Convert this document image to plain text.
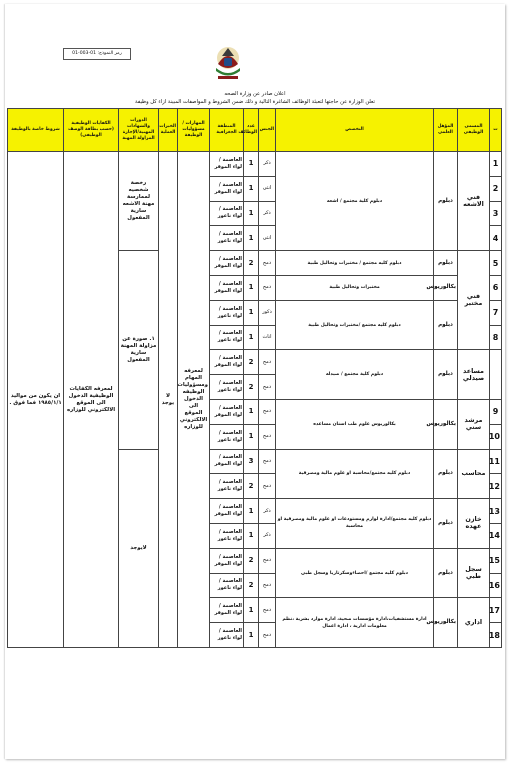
رمز النموذج: 01-003-01
اعلان صادر عن وزارة الصحه
تعلن الوزارة عن حاجتها لتعبئة الوظائف الشاغرة التالية و ذلك ضمن الشروط و المواصفات المبينة ازاء كل وظيفة
ت	المسمى الوظيفي	المؤهل العلمي	التخصص	الجنس	عدد الوظائف	المنطقة الجغرافية	المهارات / مسؤوليات الوظيفة	الخبرات العملية	الدورات والشهادات المهنية/الإجازة المزاولة المهنة	الكفايات الوظيفية (حسب بطاقة الوصف الوظيفي)	شروط خاصة بالوظيفة
1	فني الاشعه	دبلوم	دبلوم كلية مجتمع / اشعه	ذكر	1	العاصمة / لواء الموقر	لمعرفه المهام ومسؤوليات الوظيفه الدخول الى الموقع الالكتروني للوزاره	لا يوجد	رخصة شخصيه لممارسة مهنة الاشعه سارية المفعول	لمعرفه الكفايات الوظيفية الدخول الى الموقع الالكتروني للوزاره	ان يكون من مواليد ١٩٨٥/١/١ فما فوق .
2				انثى	1	العاصمة / لواء الموقر					
3				ذكر	1	العاصمة / لواء ناعور					
4				انثى	1	العاصمة / لواء ناعور					
5	فني مختبر	دبلوم	دبلوم كليه مجتمع / مختبرات وتحاليل طبية	دمج	2	العاصمة / لواء الموقر			١. صورة عن مزاولة المهنة سارية المفعول		
6		بكالوريوس	مختبرات وتحاليل طبية	دمج	1	العاصمة / لواء الموقر					
7		دبلوم	دبلوم كليه مجتمع /مختبرات وتحاليل طبية	ذكور	1	العاصمة / لواء ناعور					
8				اناث	1	العاصمة / لواء ناعور					
	مساعد صيدلي	دبلوم	دبلوم كلية مجتمع / صيدله	دمج	2	العاصمة / لواء الموقر					
				دمج	2	العاصمة / لواء ناعور					
9	مرشد سني	بكالوريوس	بكالوريوس علوم طب اسنان مساعده	دمج	1	العاصمة / لواء الموقر					
10				دمج	1	العاصمة / لواء ناعور					
11	محاسب	دبلوم	دبلوم كليه مجتمع/محاسبة او علوم مالية ومصرفية	دمج	3	العاصمة / لواء الموقر			لايوجد		
12				دمج	2	العاصمة / لواء ناعور					
13	خازن عهده	دبلوم	دبلوم كليه مجتمع/ادارة لوازم ومستودعات او علوم مالية ومصرفية او محاسبة	ذكر	1	العاصمة / لواء الموقر					
14				ذكر	1	العاصمة / لواء ناعور					
15	سجل طبي	دبلوم	دبلوم كليه مجتمع /احصاءوسكرتاريا وسجل طبي	دمج	2	العاصمة / لواء الموقر					
16				دمج	2	العاصمة / لواء ناعور					
17	اداري	بكالوريوس	ادارة مستشفيات،ادارة مؤسسات صحية، ادارة موارد بشرية ،نظم معلومات ادارية ، ادارة اعمال	دمج	1	العاصمة / لواء الموقر					
18				دمج	1	العاصمة / لواء ناعور					
